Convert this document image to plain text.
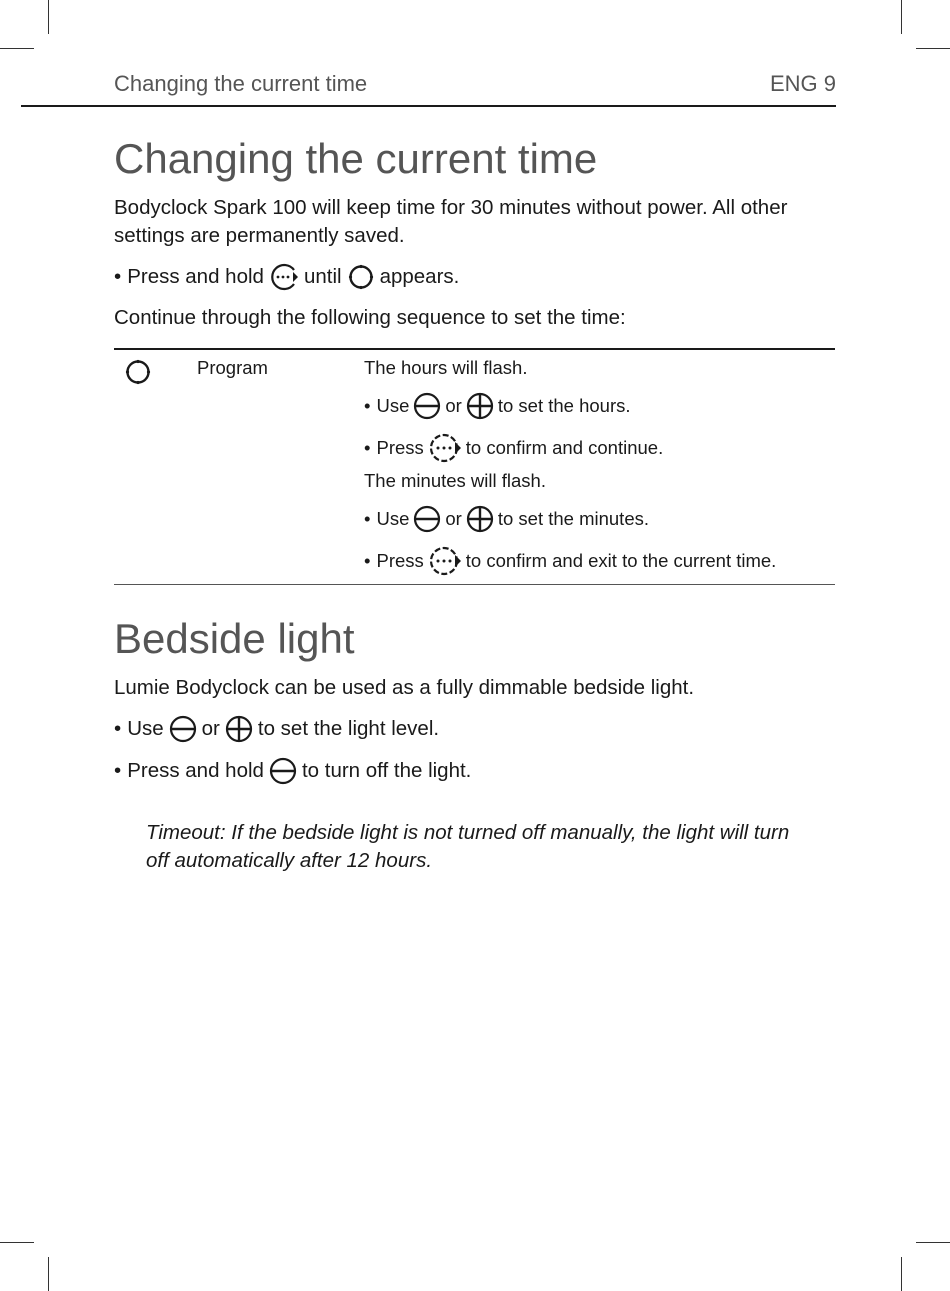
Changing the current time	ENG 9
Changing the current time

Bodyclock Spark 100 will keep time for 30 minutes without power. All other settings are permanently saved.

• Press and hold until appears.

Continue through the following sequence to set the time:

Program	The hours will flash.
• Use or to set the hours.
• Press to confirm and continue.
The minutes will flash.
• Use or to set the minutes.
• Press to confirm and exit to the current time.
Bedside light

Lumie Bodyclock can be used as a fully dimmable bedside light.

• Use or to set the light level.
• Press and hold to turn off the light.

Timeout: If the bedside light is not turned off manually, the light will turn off automatically after 12 hours.
